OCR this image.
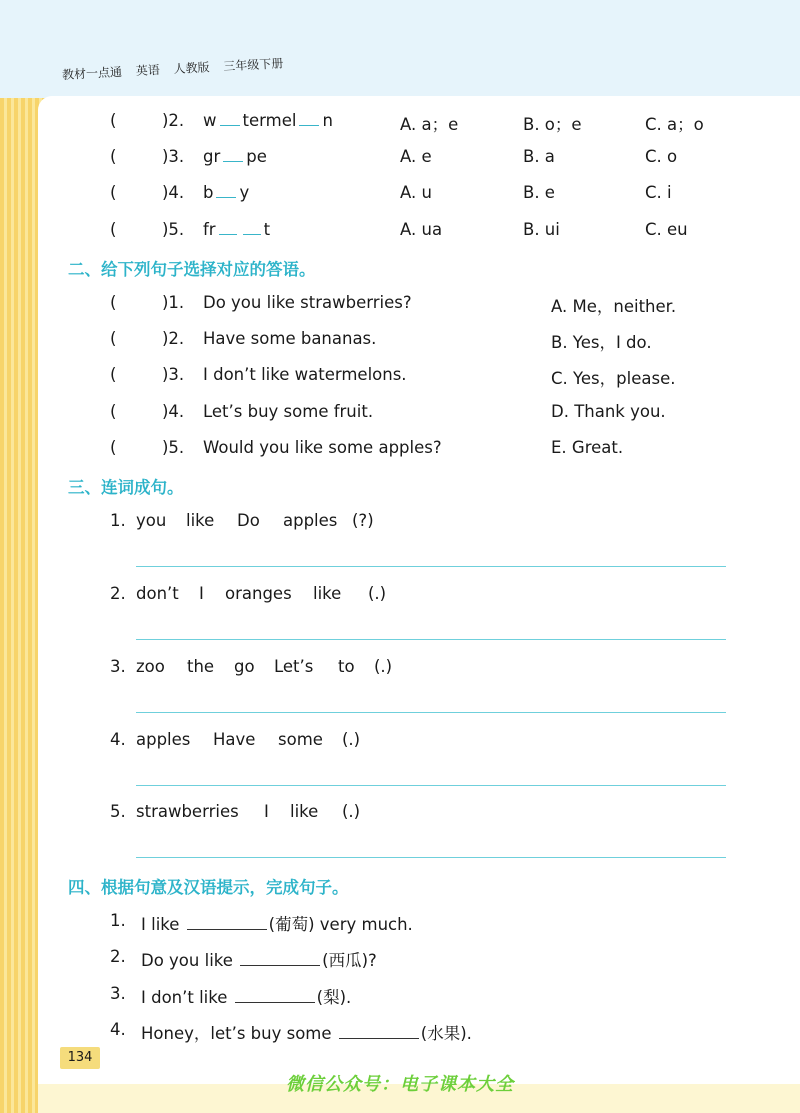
教材一点通 英语 人教版 三年级下册
(	)2. w termel n	A. a；e	B. o；e	C. a；o
(	)3. gr pe	A. e	B. a	C. o
(	)4. b y	A. u	B. e	C. i
(	)5. fr	t	A. ua	B. ui	C. eu
二、给下列句子选择对应的答语。
(	)1. Do you like strawberries?	A. Me，neither.
(	)2. Have some bananas.	B. Yes，I do.
(	)3. I don’t like watermelons.	C. Yes，please.
(	)4. Let’s buy some fruit.	D. Thank you.
(	)5. Would you like some apples?	E. Great.
三、连词成句。
1. you like Do apples (?)
2. don’t I oranges like (.)
3. zoo the go Let’s to (.)
4. apples Have some (.)
5. strawberries I like (.)
四、根据句意及汉语提示，完成句子。
1. I like	(葡萄) very much.
2. Do you like	(西瓜)?
3. I don’t like	(梨).
4. Honey，let’s buy some	(水果).
134
微信公众号：电子课本大全
